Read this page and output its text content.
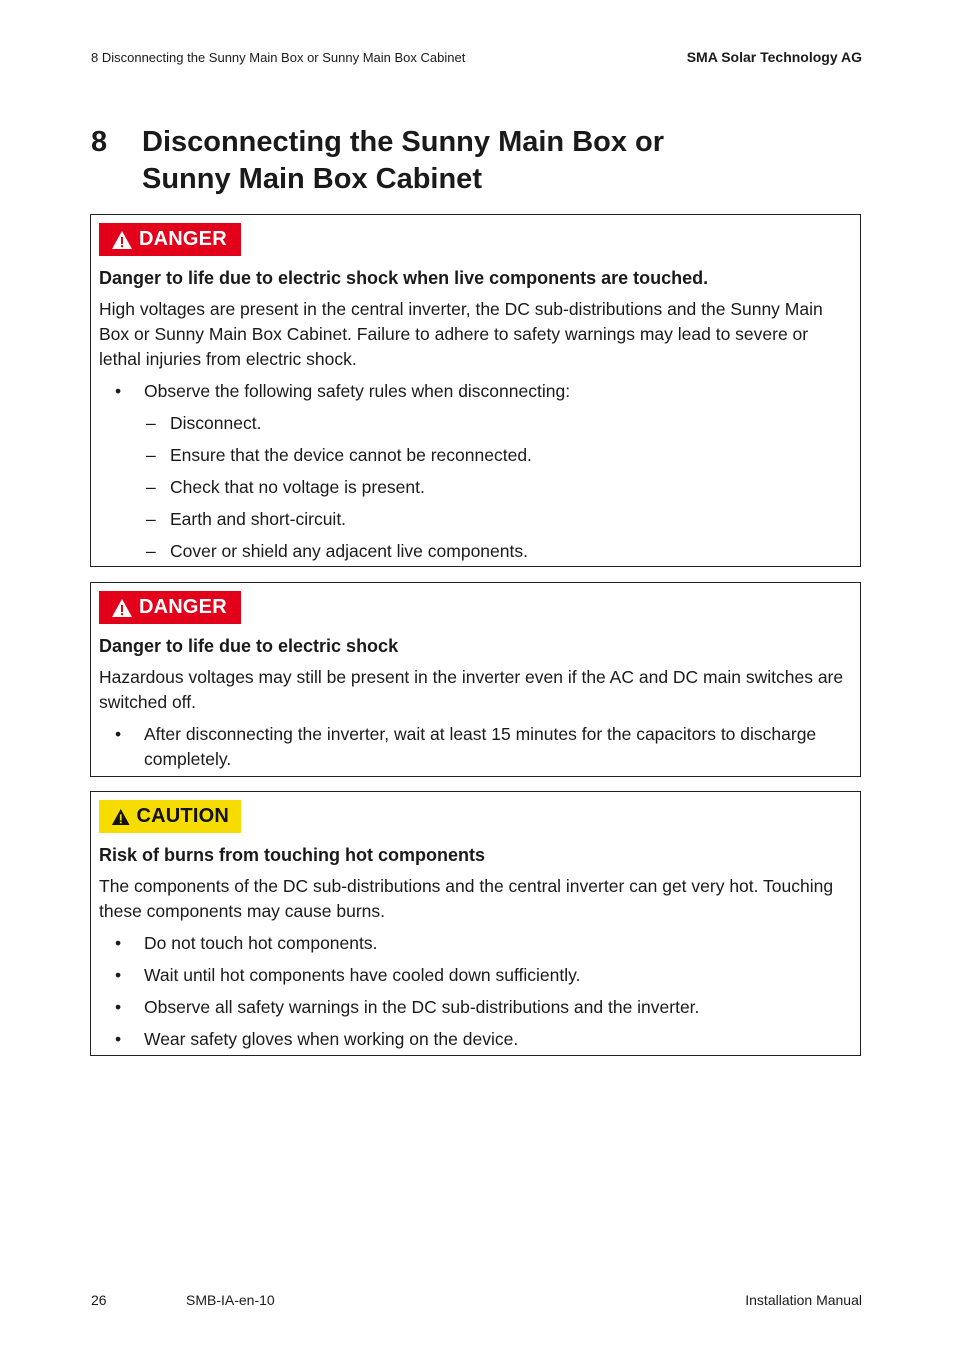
8 Disconnecting the Sunny Main Box or Sunny Main Box Cabinet	SMA Solar Technology AG
8 Disconnecting the Sunny Main Box or
Sunny Main Box Cabinet
DANGER
Danger to life due to electric shock when live components are touched.
High voltages are present in the central inverter, the DC sub-distributions and the Sunny Main Box or Sunny Main Box Cabinet. Failure to adhere to safety warnings may lead to severe or lethal injuries from electric shock.
• Observe the following safety rules when disconnecting:
– Disconnect.
– Ensure that the device cannot be reconnected.
– Check that no voltage is present.
– Earth and short-circuit.
– Cover or shield any adjacent live components.
DANGER
Danger to life due to electric shock
Hazardous voltages may still be present in the inverter even if the AC and DC main switches are switched off.
• After disconnecting the inverter, wait at least 15 minutes for the capacitors to discharge completely.
CAUTION
Risk of burns from touching hot components
The components of the DC sub-distributions and the central inverter can get very hot. Touching these components may cause burns.
• Do not touch hot components.
• Wait until hot components have cooled down sufficiently.
• Observe all safety warnings in the DC sub-distributions and the inverter.
• Wear safety gloves when working on the device.
26	SMB-IA-en-10	Installation Manual
